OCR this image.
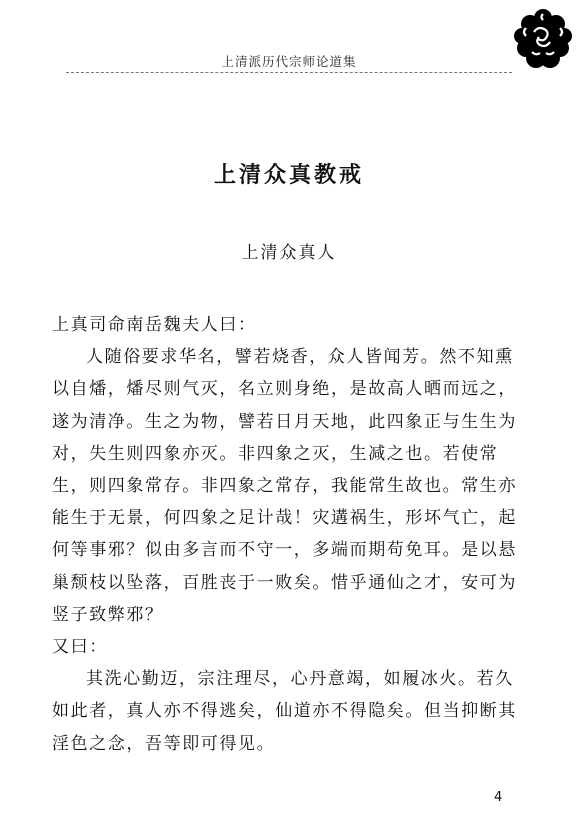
上清派历代宗师论道集
上清众真教戒
上清众真人

上真司命南岳魏夫人曰：

人随俗要求华名，譬若烧香，众人皆闻芳。然不知熏以自燔，燔尽则气灭，名立则身绝，是故高人晒而远之，遂为清净。生之为物，譬若日月天地，此四象正与生生为对，失生则四象亦灭。非四象之灭，生减之也。若使常生，则四象常存。非四象之常存，我能常生故也。常生亦能生于无景，何四象之足计哉！灾遘祸生，形坏气亡，起何等事邪？似由多言而不守一，多端而期苟免耳。是以悬巢颓枝以坠落，百胜丧于一败矣。惜乎通仙之才，安可为竖子致弊邪？

又曰：

其洗心勤迈，宗注理尽，心丹意竭，如履冰火。若久如此者，真人亦不得逃矣，仙道亦不得隐矣。但当抑断其淫色之念，吾等即可得见。

4
